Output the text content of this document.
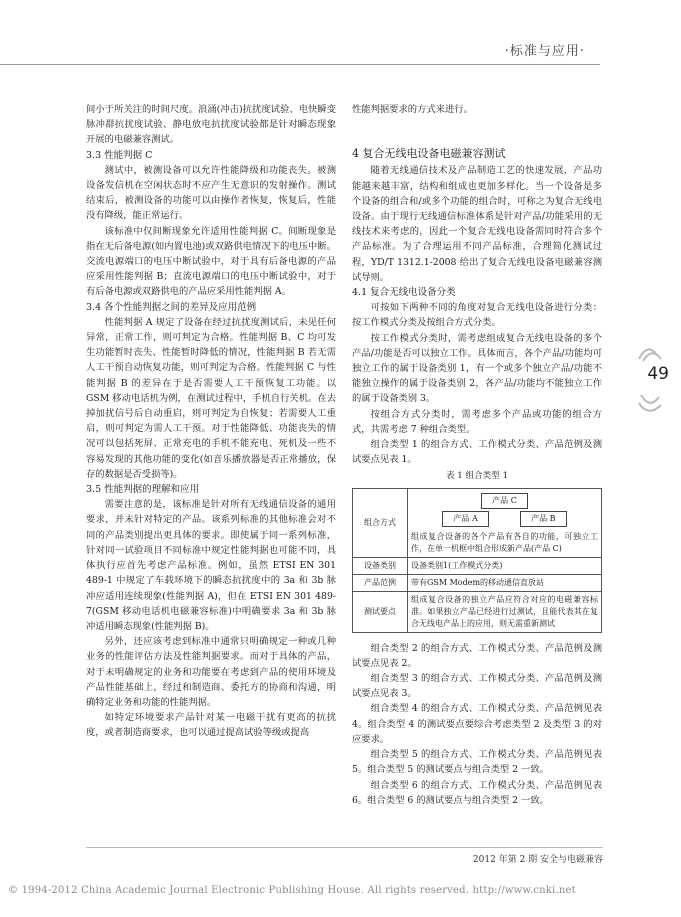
·标准与应用·

间小于所关注的时间尺度。浪涌(冲击)抗扰度试验、电快瞬变脉冲群抗扰度试验、静电放电抗扰度试验都是针对瞬态现象开展的电磁兼容测试。

3.3 性能判据 C

测试中，被测设备可以允许性能降级和功能丧失。被测设备发信机在空闲状态时不应产生无意识的发射操作。测试结束后，被测设备的功能可以由操作者恢复，恢复后，性能没有降级，能正常运行。

该标准中仅间断现象允许适用性能判据 C。间断现象是指在无后备电源(如内置电池)或双路供电情况下的电压中断。交流电源端口的电压中断试验中，对于具有后备电源的产品应采用性能判据 B；直流电源端口的电压中断试验中，对于有后备电源或双路供电的产品应采用性能判据 A。

3.4 各个性能判据之间的差异及应用范例

性能判据 A 规定了设备在经过抗扰度测试后，未见任何异常，正常工作，则可判定为合格。性能判据 B、C 均可发生功能暂时丧失、性能暂时降低的情况，性能判据 B 若无需人工干预自动恢复功能，则可判定为合格。性能判据 C 与性能判据 B 的差异在于是否需要人工干预恢复工功能。以 GSM 移动电话机为例，在测试过程中，手机自行关机。在去掉加扰信号后自动重启，则可判定为自恢复；若需要人工重启，则可判定为需人工干预。对于性能降低、功能丧失的情况可以包括死屏、正常充电的手机不能充电、死机及一些不容易发现的其他功能的变化(如音乐播放器是否正常播放，保存的数据是否受损等)。

3.5 性能判据的理解和应用

需要注意的是，该标准是针对所有无线通信设备的通用要求，并未针对特定的产品。该系列标准的其他标准会对不同的产品类别提出更具体的要求。即使属于同一系列标准，针对同一试验项目不同标准中规定性能判据也可能不同，具体执行应首先考虑产品标准。例如，虽然 ETSI EN 301 489-1 中规定了车载环境下的瞬态抗扰度中的 3a 和 3b 脉冲应适用连续现象(性能判据 A)，但在 ETSI EN 301 489-7(GSM 移动电话机电磁兼容标准)中明确要求 3a 和 3b 脉冲适用瞬态现象(性能判据 B)。

另外，还应该考虑到标准中通常只明确规定一种或几种业务的性能评估方法及性能判据要求。而对于具体的产品，对于未明确规定的业务和功能要在考虑到产品的使用环境及产品性能基础上，经过和制造商、委托方的协商和沟通，明确特定业务和功能的性能判据。

如特定环境要求产品针对某一电磁干扰有更高的抗扰度，或者制造商要求，也可以通过提高试验等级或提高

性能判据要求的方式来进行。

4 复合无线电设备电磁兼容测试

随着无线通信技术及产品制造工艺的快速发展，产品功能越来越丰富，结构和组成也更加多样化。当一个设备是多个设备的组合和/或多个功能的组合时，可称之为复合无线电设备。由于现行无线通信标准体系是针对产品/功能采用的无线技术来考虑的，因此一个复合无线电设备需同时符合多个产品标准。为了合理运用不同产品标准，合理简化测试过程，YD/T 1312.1-2008 给出了复合无线电设备电磁兼容测试导则。

4.1 复合无线电设备分类

可按如下两种不同的角度对复合无线电设备进行分类：按工作模式分类及按组合方式分类。

按工作模式分类时，需考虑组成复合无线电设备的多个产品/功能是否可以独立工作。具体而言，各个产品/功能均可独立工作的属于设备类别 1，有一个或多个独立产品/功能不能独立操作的属于设备类别 2，各产品/功能均不能独立工作的属于设备类别 3。

按组合方式分类时，需考虑多个产品或功能的组合方式，共需考虑 7 种组合类型。

组合类型 1 的组合方式、工作模式分类、产品范例及测试要点见表 1。

表 1 组合类型 1
组合方式	产品 C
产品 A 产品 B
组成复合设备的各个产品有各自的功能，可独立工作，在单一机框中组合形成新产品(产品 C)

设备类别	设备类别1(工作模式分类)
产品范例	带有GSM Modem的移动通信直放站
测试要点	组成复合设备的独立产品应符合对应的电磁兼容标准。如果独立产品已经进行过测试，且能代表其在复合无线电产品上的应用，则无需重新测试

组合类型 2 的组合方式、工作模式分类、产品范例及测试要点见表 2。

组合类型 3 的组合方式、工作模式分类、产品范例及测试要点见表 3。

组合类型 4 的组合方式、工作模式分类、产品范例见表 4。组合类型 4 的测试要点要综合考虑类型 2 及类型 3 的对应要求。

组合类型 5 的组合方式、工作模式分类、产品范例见表 5。组合类型 5 的测试要点与组合类型 2 一致。

组合类型 6 的组合方式、工作模式分类、产品范例见表 6。组合类型 6 的测试要点与组合类型 2 一致。

49
2012 年第 2 期 安全与电磁兼容
© 1994-2012 China Academic Journal Electronic Publishing House. All rights reserved. http://www.cnki.net
